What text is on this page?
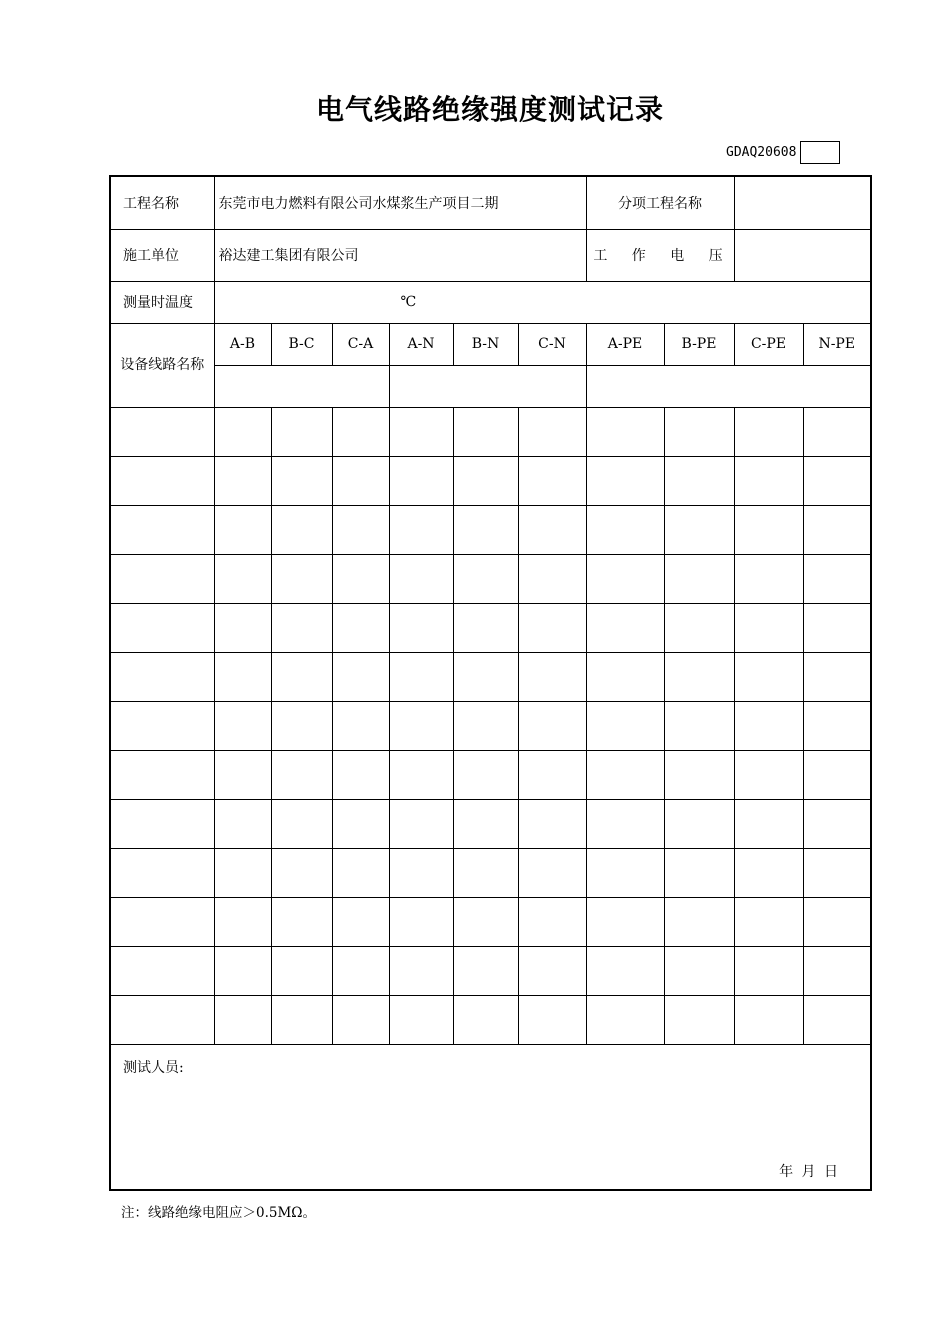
电气线路绝缘强度测试记录
GDAQ20608
工程名称	东莞市电力燃料有限公司水煤浆生产项目二期						分项工程名称			
施工单位	裕达建工集团有限公司						工 作 电 压			
测量时温度	℃									

设备线路名称	A-B	B-C	C-A	A-N	B-N	C-N	A-PE	B-PE	C-PE	N-PE

测试人员:
年 月 日										
注：线路绝缘电阻应＞0.5MΩ。
